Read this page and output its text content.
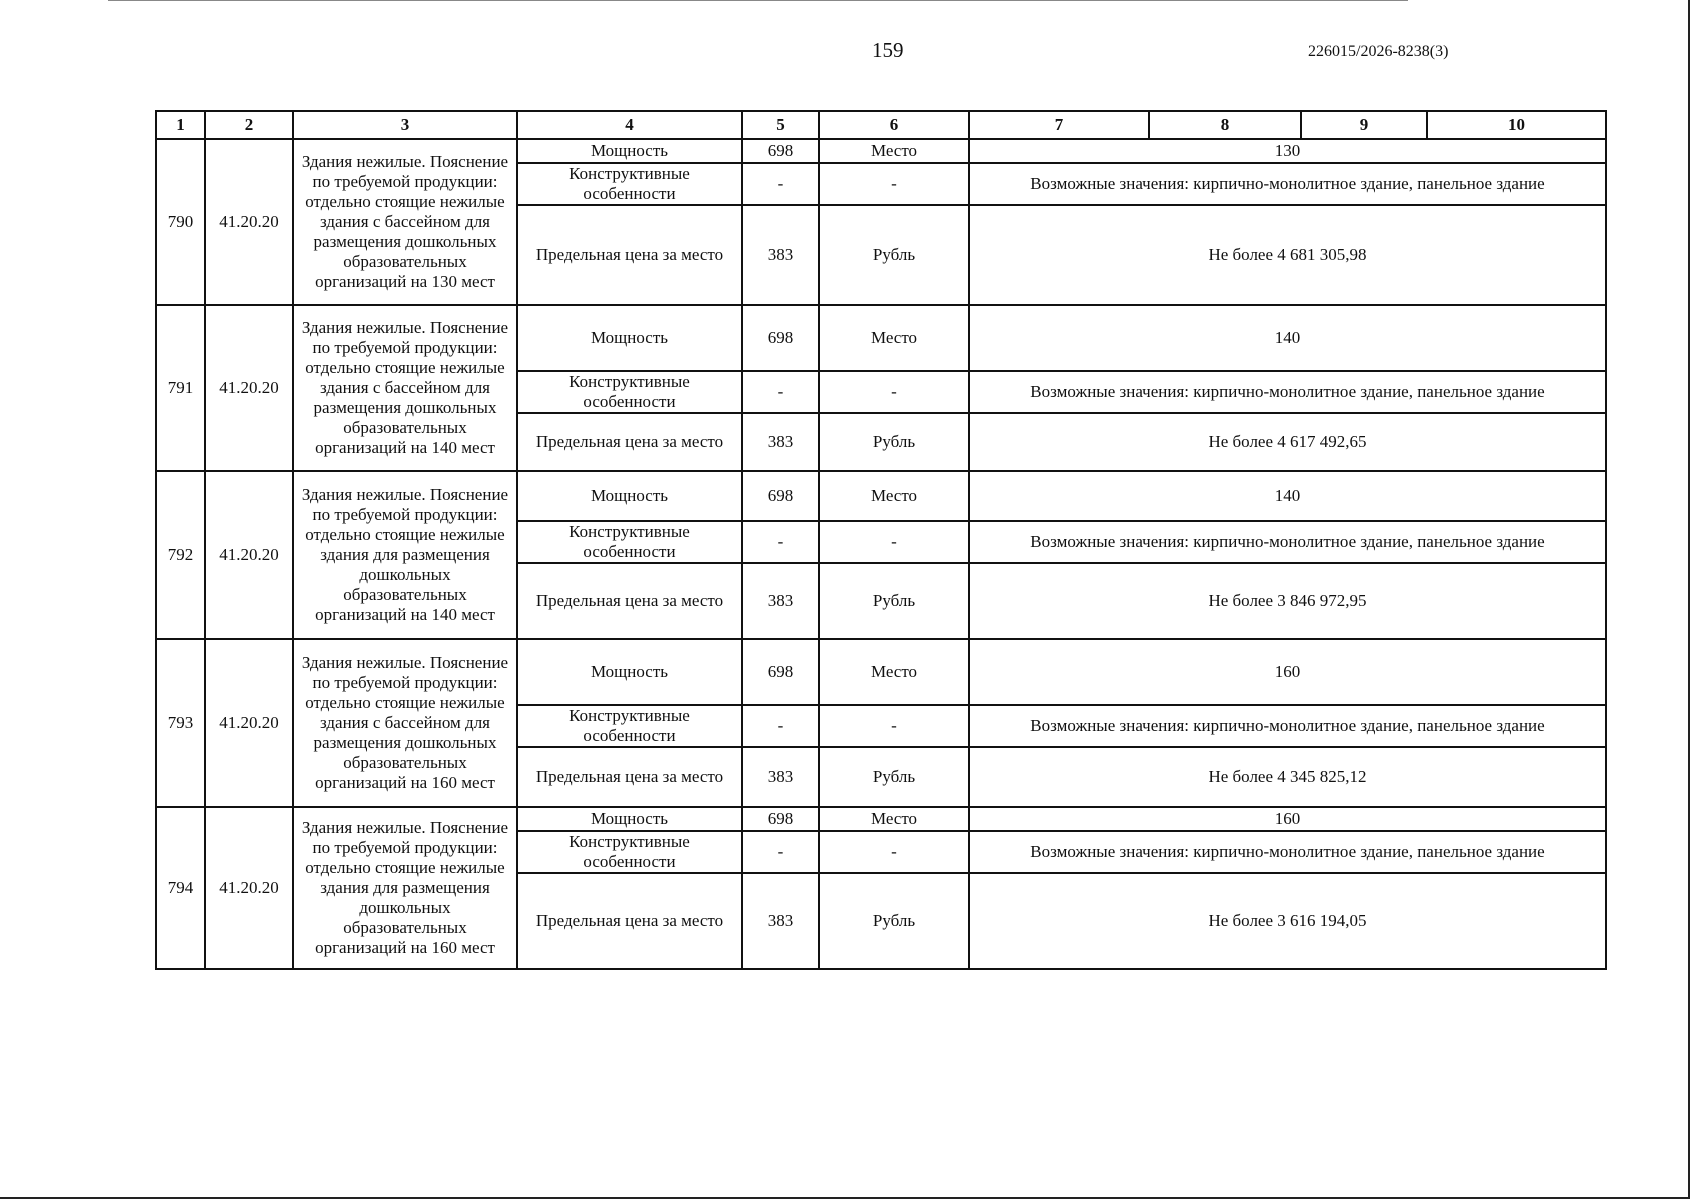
159	226015/2026-8238(3)
1	2	3	4	5	6	7	8	9	10
790	41.20.20	Здания нежилые. Пояснение по требуемой продукции: отдельно стоящие нежилые здания с бассейном для размещения дошкольных образовательных организаций на 130 мест	Мощность	698	Место	130			
			Конструктивные особенности	-	-	Возможные значения: кирпично-монолитное здание, панельное здание			
			Предельная цена за место	383	Рубль	Не более 4 681 305,98			
791	41.20.20	Здания нежилые. Пояснение по требуемой продукции: отдельно стоящие нежилые здания с бассейном для размещения дошкольных образовательных организаций на 140 мест	Мощность	698	Место	140			
			Конструктивные особенности	-	-	Возможные значения: кирпично-монолитное здание, панельное здание			
			Предельная цена за место	383	Рубль	Не более 4 617 492,65			
792	41.20.20	Здания нежилые. Пояснение по требуемой продукции: отдельно стоящие нежилые здания для размещения дошкольных образовательных организаций на 140 мест	Мощность	698	Место	140			
			Конструктивные особенности	-	-	Возможные значения: кирпично-монолитное здание, панельное здание			
			Предельная цена за место	383	Рубль	Не более 3 846 972,95			
793	41.20.20	Здания нежилые. Пояснение по требуемой продукции: отдельно стоящие нежилые здания с бассейном для размещения дошкольных образовательных организаций на 160 мест	Мощность	698	Место	160			
			Конструктивные особенности	-	-	Возможные значения: кирпично-монолитное здание, панельное здание			
			Предельная цена за место	383	Рубль	Не более 4 345 825,12			
794	41.20.20	Здания нежилые. Пояснение по требуемой продукции: отдельно стоящие нежилые здания для размещения дошкольных образовательных организаций на 160 мест	Мощность	698	Место	160			
			Конструктивные особенности	-	-	Возможные значения: кирпично-монолитное здание, панельное здание			
			Предельная цена за место	383	Рубль	Не более 3 616 194,05			
